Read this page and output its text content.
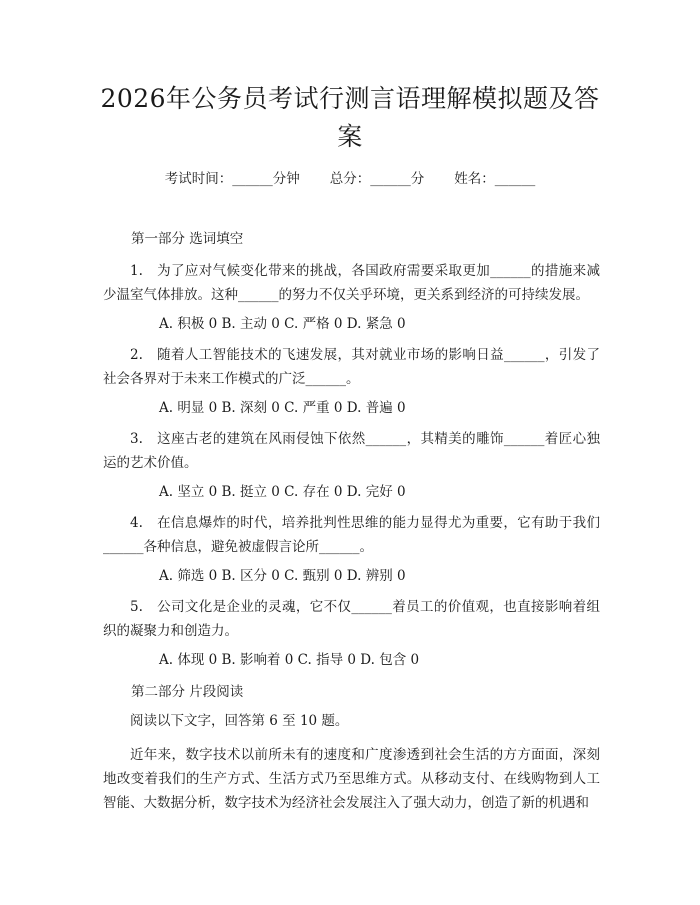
2026年公务员考试行测言语理解模拟题及答案
考试时间：______分钟 总分：______分 姓名：______
第一部分 选词填空

1.　为了应对气候变化带来的挑战，各国政府需要采取更加______的措施来减少温室气体排放。这种______的努力不仅关乎环境，更关系到经济的可持续发展。

A. 积极 0 B. 主动 0 C. 严格 0 D. 紧急 0

2.　随着人工智能技术的飞速发展，其对就业市场的影响日益______，引发了社会各界对于未来工作模式的广泛______。

A. 明显 0 B. 深刻 0 C. 严重 0 D. 普遍 0

3.　这座古老的建筑在风雨侵蚀下依然______，其精美的雕饰______着匠心独运的艺术价值。

A. 坚立 0 B. 挺立 0 C. 存在 0 D. 完好 0

4.　在信息爆炸的时代，培养批判性思维的能力显得尤为重要，它有助于我们______各种信息，避免被虚假言论所______。

A. 筛选 0 B. 区分 0 C. 甄别 0 D. 辨别 0

5.　公司文化是企业的灵魂，它不仅______着员工的价值观，也直接影响着组织的凝聚力和创造力。

A. 体现 0 B. 影响着 0 C. 指导 0 D. 包含 0

第二部分 片段阅读

阅读以下文字，回答第 6 至 10 题。

近年来，数字技术以前所未有的速度和广度渗透到社会生活的方方面面，深刻地改变着我们的生产方式、生活方式乃至思维方式。从移动支付、在线购物到人工智能、大数据分析，数字技术为经济社会发展注入了强大动力，创造了新的机遇和
